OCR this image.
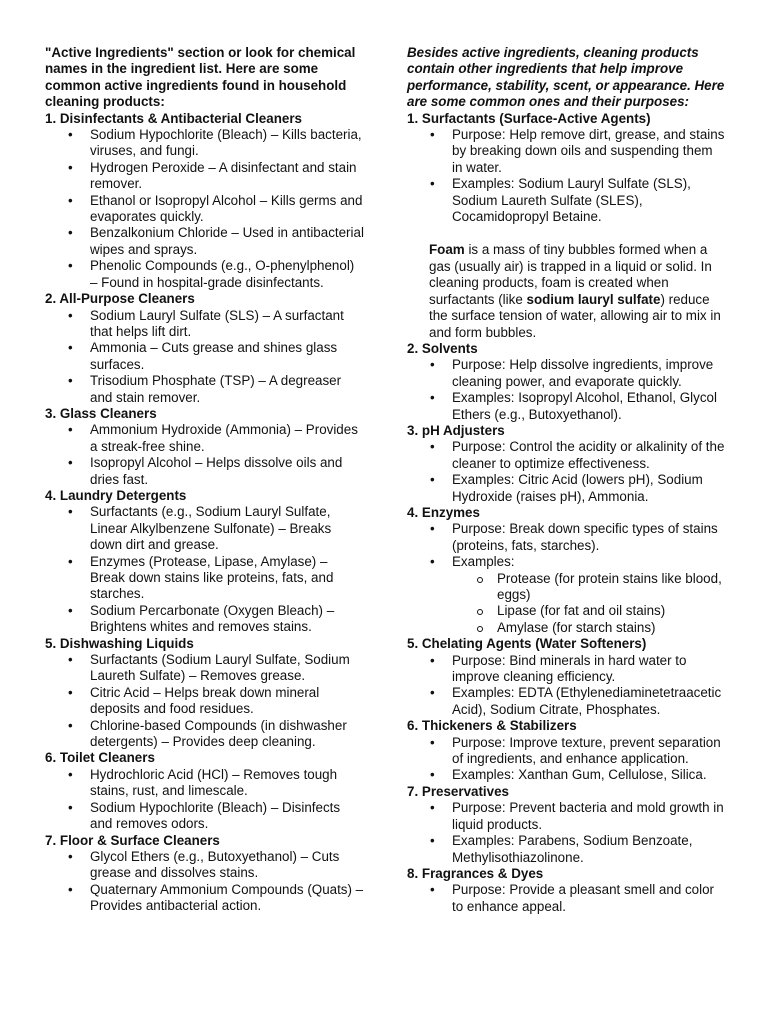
"Active Ingredients" section or look for chemical names in the ingredient list. Here are some common active ingredients found in household cleaning products:

1. Disinfectants & Antibacterial Cleaners

• Sodium Hypochlorite (Bleach) – Kills bacteria, viruses, and fungi.
• Hydrogen Peroxide – A disinfectant and stain remover.
• Ethanol or Isopropyl Alcohol – Kills germs and evaporates quickly.
• Benzalkonium Chloride – Used in antibacterial wipes and sprays.
• Phenolic Compounds (e.g., O-phenylphenol) – Found in hospital-grade disinfectants.

2. All-Purpose Cleaners

• Sodium Lauryl Sulfate (SLS) – A surfactant that helps lift dirt.
• Ammonia – Cuts grease and shines glass surfaces.
• Trisodium Phosphate (TSP) – A degreaser and stain remover.

3. Glass Cleaners

• Ammonium Hydroxide (Ammonia) – Provides a streak-free shine.
• Isopropyl Alcohol – Helps dissolve oils and dries fast.

4. Laundry Detergents

• Surfactants (e.g., Sodium Lauryl Sulfate, Linear Alkylbenzene Sulfonate) – Breaks down dirt and grease.
• Enzymes (Protease, Lipase, Amylase) – Break down stains like proteins, fats, and starches.
• Sodium Percarbonate (Oxygen Bleach) – Brightens whites and removes stains.

5. Dishwashing Liquids

• Surfactants (Sodium Lauryl Sulfate, Sodium Laureth Sulfate) – Removes grease.
• Citric Acid – Helps break down mineral deposits and food residues.
• Chlorine-based Compounds (in dishwasher detergents) – Provides deep cleaning.

6. Toilet Cleaners

• Hydrochloric Acid (HCl) – Removes tough stains, rust, and limescale.
• Sodium Hypochlorite (Bleach) – Disinfects and removes odors.

7. Floor & Surface Cleaners

• Glycol Ethers (e.g., Butoxyethanol) – Cuts grease and dissolves stains.
• Quaternary Ammonium Compounds (Quats) – Provides antibacterial action.

Besides active ingredients, cleaning products contain other ingredients that help improve performance, stability, scent, or appearance. Here are some common ones and their purposes:

1. Surfactants (Surface-Active Agents)

• Purpose: Help remove dirt, grease, and stains by breaking down oils and suspending them in water.
• Examples: Sodium Lauryl Sulfate (SLS), Sodium Laureth Sulfate (SLES), Cocamidopropyl Betaine.

Foam is a mass of tiny bubbles formed when a gas (usually air) is trapped in a liquid or solid. In cleaning products, foam is created when surfactants (like sodium lauryl sulfate) reduce the surface tension of water, allowing air to mix in and form bubbles.

2. Solvents

• Purpose: Help dissolve ingredients, improve cleaning power, and evaporate quickly.
• Examples: Isopropyl Alcohol, Ethanol, Glycol Ethers (e.g., Butoxyethanol).

3. pH Adjusters

• Purpose: Control the acidity or alkalinity of the cleaner to optimize effectiveness.
• Examples: Citric Acid (lowers pH), Sodium Hydroxide (raises pH), Ammonia.

4. Enzymes

• Purpose: Break down specific types of stains (proteins, fats, starches).
• Examples:
Protease (for protein stains like blood, eggs)
Lipase (for fat and oil stains)
Amylase (for starch stains)

5. Chelating Agents (Water Softeners)

• Purpose: Bind minerals in hard water to improve cleaning efficiency.
• Examples: EDTA (Ethylenediaminetetraacetic Acid), Sodium Citrate, Phosphates.

6. Thickeners & Stabilizers

• Purpose: Improve texture, prevent separation of ingredients, and enhance application.
• Examples: Xanthan Gum, Cellulose, Silica.

7. Preservatives

• Purpose: Prevent bacteria and mold growth in liquid products.
• Examples: Parabens, Sodium Benzoate, Methylisothiazolinone.

8. Fragrances & Dyes

• Purpose: Provide a pleasant smell and color to enhance appeal.
